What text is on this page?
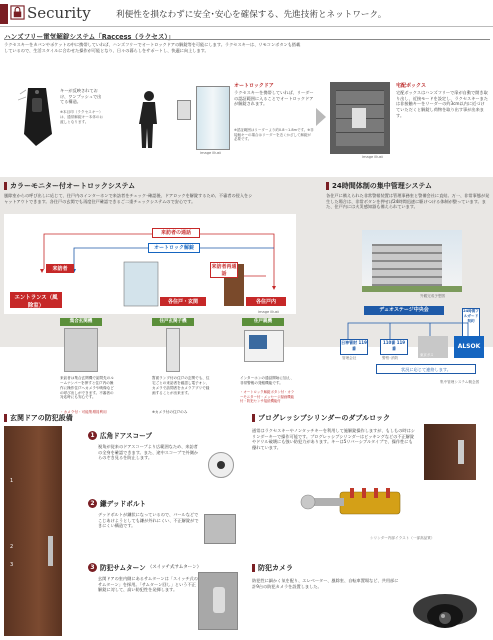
Security	利便性を損なわずに安全･安心を確保する、先進技術とネットワーク。
ハンズフリー電気解錠システム「Raccess（ラクセス）」
ラクセスキーをカバンやポケットの中に携帯していれば、ハンズフリーでオートロックドアの解錠等を可能にします。ラクセスキーは、リモコンボタンも搭載しているので、生活スタイルに合わせた操作が可能となり、日々の暮らしをサポートし、快適に向上します。
キーが反映されておけ、ワンプッシュで出てる構造。
※本目印（ラクセスキー）は、通常解錠キー本体のお渡しとなります。
image illust
オートロックドア
ラクセスキーを携帯していれば、リーダーの認証範囲に入ることでオートロックドアが解錠されます。
※認証範囲はリーダーより約0.8〜1.8mです。※非接触キーの場合はリーダーを近くかざして解錠が必要です。
image illust
宅配ボックス
宅配ボックスはハンズフリーで扉が自動で開き取り出し、近接モードを設定し、ラクセスキーまたは非接触キーをリーダーの約3cm以内に近づけていただくと解錠し荷物を取り出す事が出来ます。
カラーモニター付オートロックシステム
風除室からの呼び出しに応じて、住戸内のインターホンで来訪者をチェック･確認後、ドアロックを解錠するため、不審者の侵入をシャットアウトできます。各住戸の玄関でも再度住戸確認できるご二重チェックシステムので安心です。
来訪者の通話
オートロック解錠
来訪者	来訪者再通話
エントランス（風除室）
各住戸・玄関	各住戸内
image illust
集合玄関機
来訪者は集合玄関機で訪問先のルームナンバーを押すと住戸内の操作に操作住戸へカメラや映像などの呼び出しができます。不審者の対応時にも安心です。
・カメラ付・可能集増員利用
住戸玄関子機
暫面ランプ付の住戸の玄関でも、住宅ごとの来訪者を確認し電子オン、カメラで訪問者をカメラアプリで録画することが出来ます。
※カメラ付の住戸のみ
住戸親機
インターホンの通話開始に加え、非常警報の発報機能です。
・オートロック解錠ボタン付・カラーモニター付・メッセージ録画機能付・防犯センサ接続機能付
24時間体制の集中管理システム
各住戸に備えられた非常警報装置は管理事務室と警備会社に直結。万一、非常事態が発生した場合は、非常ボタンを押せば24時間迅速に駆けつける体制が整っています。また、住戸内には火災感知器も備えられています。
外観完成予想図
デュオステージ中央会	24時間フルガード契約
日神管財 119番
管理会社
110番 119番
警察･消防
東京ガス
ALSOK
状況に応じて連絡します。
集中管理システム概念図
玄関ドアの防犯設備
1
2
3
1 広角ドアスコープ
視角が従来のドアスコープより広範囲なため、来訪者の全身を確認できます。また、途中スコープで外側からのぞき見るを防止します。
2 鎌デッドボルト
デッドボルトが鎌状になっているので、バールなどでこじあけようとしても鎌が外れにくい、不正解錠ができにくい構造です。
3 防犯サムターン （スイッチ式サムターン）
玄関ドアの室内側にあるサムターンは「スイッチ式のサムターン」を採用。「サムターン回し」という不正解錠に対して、高い防犯性を発揮します。
プログレッシブシリンダーのダブルロック
通常はラクセスキーやノンタッチキーを利用して施解錠操作しますが、もしもの時はシリンダーキーで操作可能です。プログレッシブシリンダーはピッキングなどの不正解錠やドリル破壊にも強い防犯力があります。キーは5リバーシブルタイプで、操作性にも優れています。
シリンダー内部イラスト（一部高品質）
防犯カメラ
防犯性に細かく気を配り、エレベーター、風除室、自転車置場など、共用部に計9台の防犯カメラを設置しました。
